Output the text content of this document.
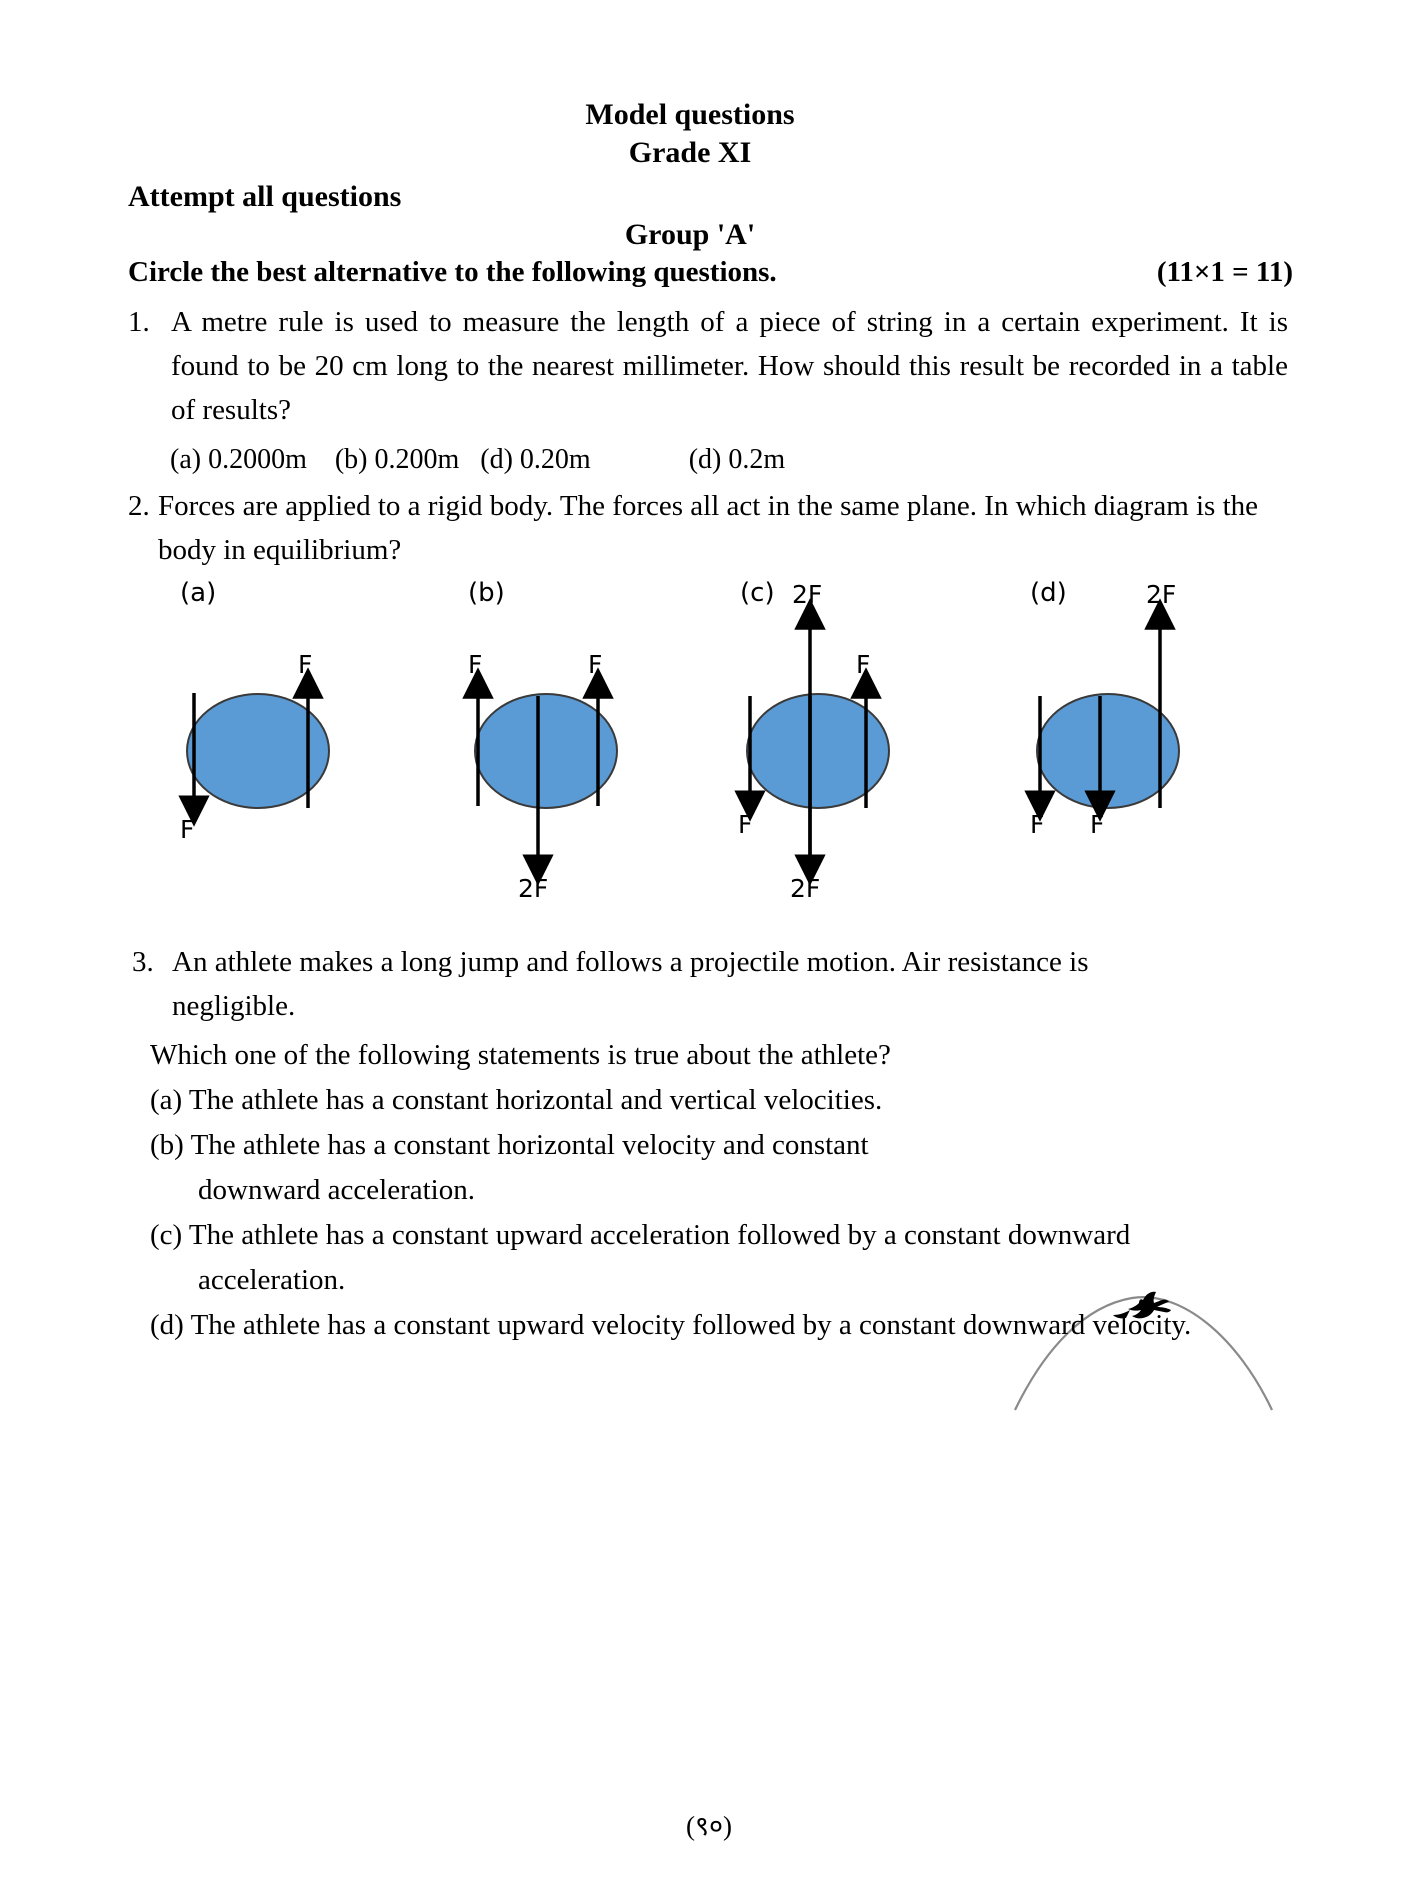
Model questions
Grade XI
Attempt all questions
Group 'A'
Circle the best alternative to the following questions.	(11×1 = 11)
1. A metre rule is used to measure the length of a piece of string in a certain experiment. It is found to be 20 cm long to the nearest millimeter. How should this result be recorded in a table of results?
(a) 0.2000m    (b) 0.200m   (d) 0.20m              (d) 0.2m
2. Forces are applied to a rigid body. The forces all act in the same plane. In which diagram is the body in equilibrium?
(a)
F
F
(b)
F	F
2F
(c) 2F
F
F
2F
(d)	2F
F F
3. An athlete makes a long jump and follows a projectile motion. Air resistance is
negligible.
Which one of the following statements is true about the athlete?
(a) The athlete has a constant horizontal and vertical velocities.
(b) The athlete has a constant horizontal velocity and constant
downward acceleration.
(c) The athlete has a constant upward acceleration followed by a constant downward
acceleration.
(d) The athlete has a constant upward velocity followed by a constant downward velocity.
(९०)
